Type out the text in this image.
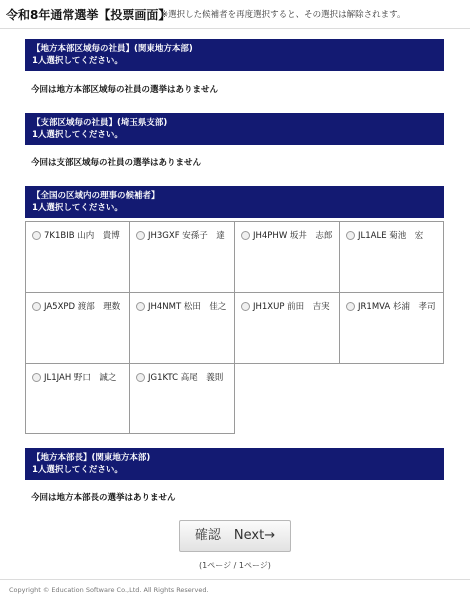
令和8年通常選挙【投票画面】
※選択した候補者を再度選択すると、その選択は解除されます。
【地方本部区域毎の社員】(関東地方本部)
1人選択してください。
今回は地方本部区域毎の社員の選挙はありません
【支部区域毎の社員】(埼玉県支部)
1人選択してください。
今回は支部区域毎の社員の選挙はありません
【全国の区域内の理事の候補者】
1人選択してください。
7K1BIB 山内　貴博	JH3GXF 安孫子　達	JH4PHW 坂井　志郎	JL1ALE 菊池　宏
JA5XPD 渡部　理数	JH4NMT 松田　佳之	JH1XUP 前田　吉実	JR1MVA 杉浦　孝司
JL1JAH 野口　誠之	JG1KTC 高尾　義則
【地方本部長】(関東地方本部)
1人選択してください。
今回は地方本部長の選挙はありません
確認　Next→
(1ページ / 1ページ)
Copyright © Education Software Co.,Ltd. All Rights Reserved.
